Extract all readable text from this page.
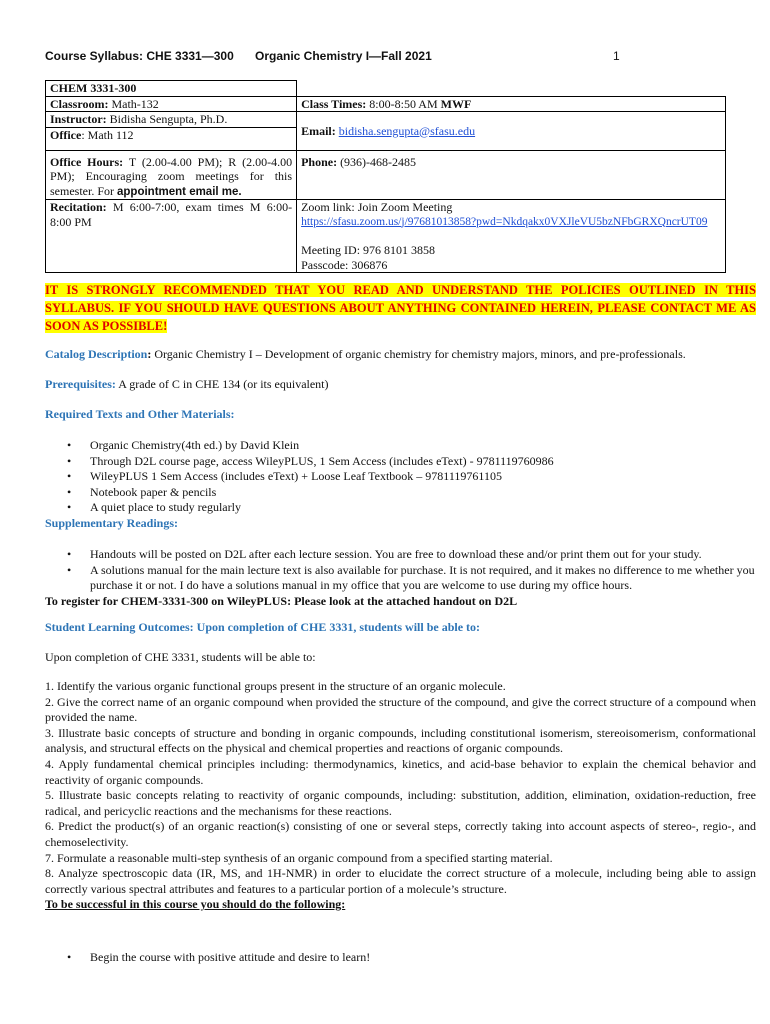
Course Syllabus: CHE 3331—300 Organic Chemistry I—Fall 2021	1
CHEM 3331-300	
Classroom: Math-132	Class Times: 8:00-8:50 AM MWF
Instructor: Bidisha Sengupta, Ph.D.	Email: bidisha.sengupta@sfasu.edu
Office: Math 112	
Office Hours: T (2.00-4.00 PM); R (2.00-4.00 PM); Encouraging zoom meetings for this semester. For appointment email me.	Phone: (936)-468-2485
Recitation: M 6:00-7:00, exam times M 6:00-8:00 PM	Zoom link: Join Zoom Meeting
https://sfasu.zoom.us/j/97681013858?pwd=Nkdqakx0VXJleVU5bzNFbGRXQncrUT09
Meeting ID: 976 8101 3858
Passcode: 306876
IT IS STRONGLY RECOMMENDED THAT YOU READ AND UNDERSTAND THE POLICIES OUTLINED IN THIS SYLLABUS. IF YOU SHOULD HAVE QUESTIONS ABOUT ANYTHING CONTAINED HEREIN, PLEASE CONTACT ME AS SOON AS POSSIBLE!
Catalog Description: Organic Chemistry I – Development of organic chemistry for chemistry majors, minors, and pre-professionals.
Prerequisites: A grade of C in CHE 134 (or its equivalent)
Required Texts and Other Materials:
• Organic Chemistry(4th ed.) by David Klein
• Through D2L course page, access WileyPLUS, 1 Sem Access (includes eText) - 9781119760986
• WileyPLUS 1 Sem Access (includes eText) + Loose Leaf Textbook – 9781119761105
• Notebook paper & pencils
• A quiet place to study regularly
Supplementary Readings:
• Handouts will be posted on D2L after each lecture session. You are free to download these and/or print them out for your study.
• A solutions manual for the main lecture text is also available for purchase. It is not required, and it makes no difference to me whether you purchase it or not. I do have a solutions manual in my office that you are welcome to use during my office hours.
To register for CHEM-3331-300 on WileyPLUS: Please look at the attached handout on D2L
Student Learning Outcomes: Upon completion of CHE 3331, students will be able to:
Upon completion of CHE 3331, students will be able to:
1. Identify the various organic functional groups present in the structure of an organic molecule.
2. Give the correct name of an organic compound when provided the structure of the compound, and give the correct structure of a compound when provided the name.
3. Illustrate basic concepts of structure and bonding in organic compounds, including constitutional isomerism, stereoisomerism, conformational analysis, and structural effects on the physical and chemical properties and reactions of organic compounds.
4. Apply fundamental chemical principles including: thermodynamics, kinetics, and acid-base behavior to explain the chemical behavior and reactivity of organic compounds.
5. Illustrate basic concepts relating to reactivity of organic compounds, including: substitution, addition, elimination, oxidation-reduction, free radical, and pericyclic reactions and the mechanisms for these reactions.
6. Predict the product(s) of an organic reaction(s) consisting of one or several steps, correctly taking into account aspects of stereo-, regio-, and chemoselectivity.
7. Formulate a reasonable multi-step synthesis of an organic compound from a specified starting material.
8. Analyze spectroscopic data (IR, MS, and 1H-NMR) in order to elucidate the correct structure of a molecule, including being able to assign correctly various spectral attributes and features to a particular portion of a molecule’s structure.
To be successful in this course you should do the following:
• Begin the course with positive attitude and desire to learn!
